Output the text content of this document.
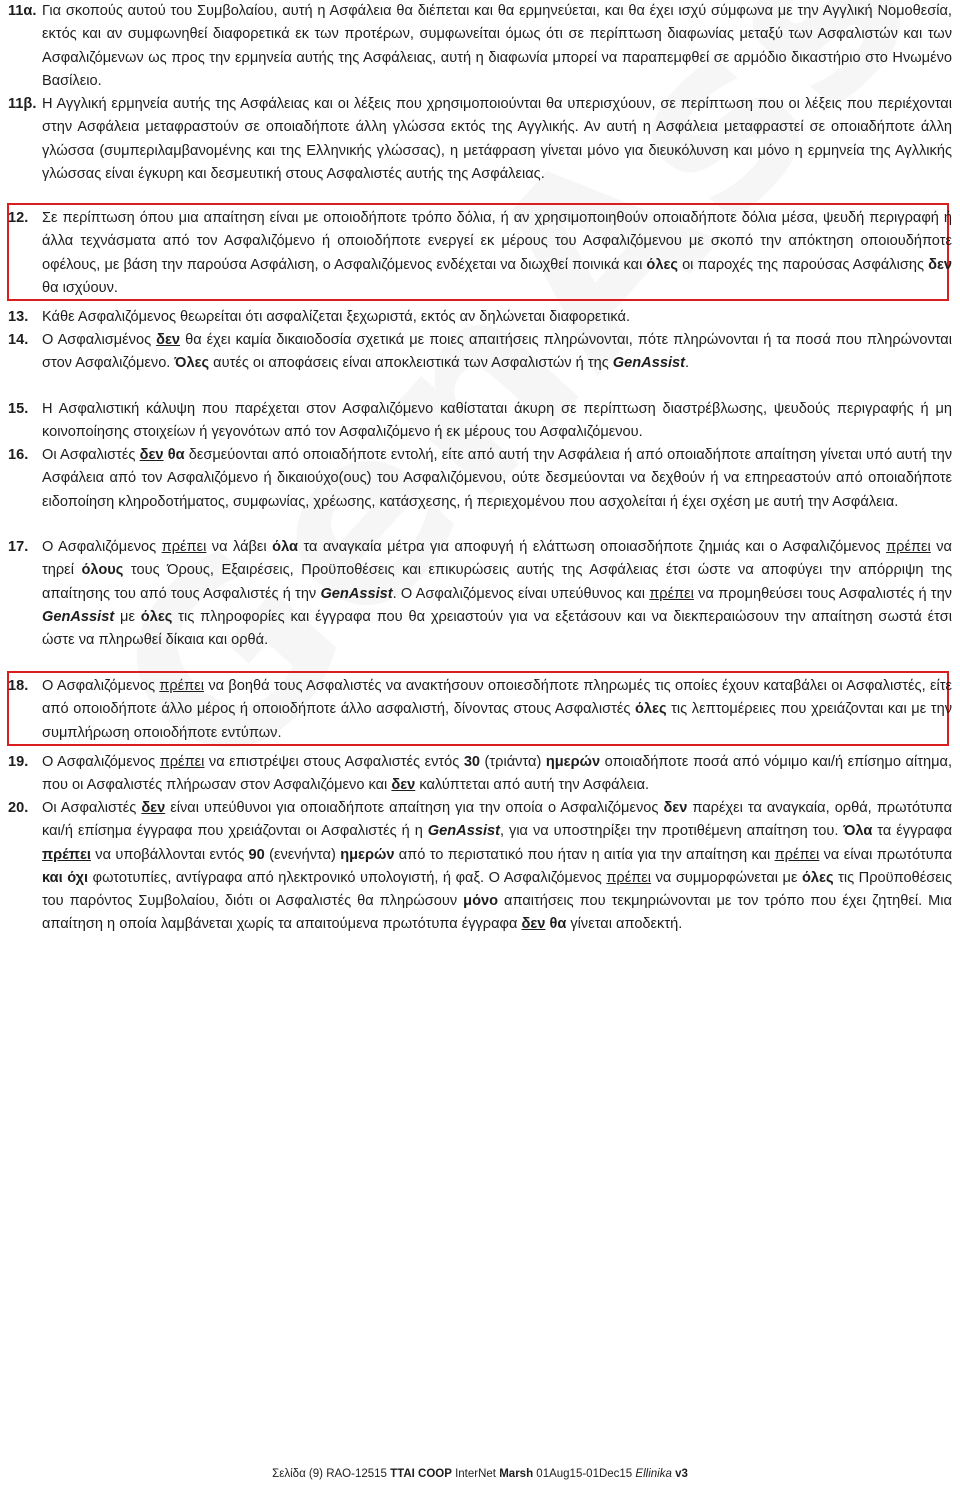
11α. Για σκοπούς αυτού του Συμβολαίου, αυτή η Ασφάλεια θα διέπεται και θα ερμηνεύεται, και θα έχει ισχύ σύμφωνα με την Αγγλική Νομοθεσία, εκτός και αν συμφωνηθεί διαφορετικά εκ των προτέρων, συμφωνείται όμως ότι σε περίπτωση διαφωνίας μεταξύ των Ασφαλιστών και των Ασφαλιζόμενων ως προς την ερμηνεία αυτής της Ασφάλειας, αυτή η διαφωνία μπορεί να παραπεμφθεί σε αρμόδιο δικαστήριο στο Ηνωμένο Βασίλειο.
11β. Η Αγγλική ερμηνεία αυτής της Ασφάλειας και οι λέξεις που χρησιμοποιούνται θα υπερισχύουν, σε περίπτωση που οι λέξεις που περιέχονται στην Ασφάλεια μεταφραστούν σε οποιαδήποτε άλλη γλώσσα εκτός της Αγγλικής. Αν αυτή η Ασφάλεια μεταφραστεί σε οποιαδήποτε άλλη γλώσσα (συμπεριλαμβανομένης και της Ελληνικής γλώσσας), η μετάφραση γίνεται μόνο για διευκόλυνση και μόνο η ερμηνεία της Αγλλικής γλώσσας είναι έγκυρη και δεσμευτική στους Ασφαλιστές αυτής της Ασφάλειας.
12. Σε περίπτωση όπου μια απαίτηση είναι με οποιοδήποτε τρόπο δόλια, ή αν χρησιμοποιηθούν οποιαδήποτε δόλια μέσα, ψευδή περιγραφή ή άλλα τεχνάσματα από τον Ασφαλιζόμενο ή οποιοδήποτε ενεργεί εκ μέρους του Ασφαλιζόμενου με σκοπό την απόκτηση οποιουδήποτε οφέλους, με βάση την παρούσα Ασφάλιση, ο Ασφαλιζόμενος ενδέχεται να διωχθεί ποινικά και όλες οι παροχές της παρούσας Ασφάλισης δεν θα ισχύουν.
13. Κάθε Ασφαλιζόμενος θεωρείται ότι ασφαλίζεται ξεχωριστά, εκτός αν δηλώνεται διαφορετικά.
14. Ο Ασφαλισμένος δεν θα έχει καμία δικαιοδοσία σχετικά με ποιες απαιτήσεις πληρώνονται, πότε πληρώνονται ή τα ποσά που πληρώνονται στον Ασφαλιζόμενο. Όλες αυτές οι αποφάσεις είναι αποκλειστικά των Ασφαλιστών ή της GenAssist.
15. Η Ασφαλιστική κάλυψη που παρέχεται στον Ασφαλιζόμενο καθίσταται άκυρη σε περίπτωση διαστρέβλωσης, ψευδούς περιγραφής ή μη κοινοποίησης στοιχείων ή γεγονότων από τον Ασφαλιζόμενο ή εκ μέρους του Ασφαλιζόμενου.
16. Οι Ασφαλιστές δεν θα δεσμεύονται από οποιαδήποτε εντολή, είτε από αυτή την Ασφάλεια ή από οποιαδήποτε απαίτηση γίνεται υπό αυτή την Ασφάλεια από τον Ασφαλιζόμενο ή δικαιούχο(ους) του Ασφαλιζόμενου, ούτε δεσμεύονται να δεχθούν ή να επηρεαστούν από οποιαδήποτε ειδοποίηση κληροδοτήματος, συμφωνίας, χρέωσης, κατάσχεσης, ή περιεχομένου που ασχολείται ή έχει σχέση με αυτή την Ασφάλεια.
17. Ο Ασφαλιζόμενος πρέπει να λάβει όλα τα αναγκαία μέτρα για αποφυγή ή ελάττωση οποιασδήποτε ζημιάς και ο Ασφαλιζόμενος πρέπει να τηρεί όλους τους Όρους, Εξαιρέσεις, Προϋποθέσεις και επικυρώσεις αυτής της Ασφάλειας έτσι ώστε να αποφύγει την απόρριψη της απαίτησης του από τους Ασφαλιστές ή την GenAssist. Ο Ασφαλιζόμενος είναι υπεύθυνος και πρέπει να προμηθεύσει τους Ασφαλιστές ή την GenAssist με όλες τις πληροφορίες και έγγραφα που θα χρειαστούν για να εξετάσουν και να διεκπεραιώσουν την απαίτηση σωστά έτσι ώστε να πληρωθεί δίκαια και ορθά.
18. Ο Ασφαλιζόμενος πρέπει να βοηθά τους Ασφαλιστές να ανακτήσουν οποιεσδήποτε πληρωμές τις οποίες έχουν καταβάλει οι Ασφαλιστές, είτε από οποιοδήποτε άλλο μέρος ή οποιοδήποτε άλλο ασφαλιστή, δίνοντας στους Ασφαλιστές όλες τις λεπτομέρειες που χρειάζονται και με την συμπλήρωση οποιοδήποτε εντύπων.
19. Ο Ασφαλιζόμενος πρέπει να επιστρέψει στους Ασφαλιστές εντός 30 (τριάντα) ημερών οποιαδήποτε ποσά από νόμιμο και/ή επίσημο αίτημα, που οι Ασφαλιστές πλήρωσαν στον Ασφαλιζόμενο και δεν καλύπτεται από αυτή την Ασφάλεια.
20. Οι Ασφαλιστές δεν είναι υπεύθυνοι για οποιαδήποτε απαίτηση για την οποία ο Ασφαλιζόμενος δεν παρέχει τα αναγκαία, ορθά, πρωτότυπα και/ή επίσημα έγγραφα που χρειάζονται οι Ασφαλιστές ή η GenAssist, για να υποστηρίξει την προτιθέμενη απαίτηση του. Όλα τα έγγραφα πρέπει να υποβάλλονται εντός 90 (ενενήντα) ημερών από το περιστατικό που ήταν η αιτία για την απαίτηση και πρέπει να είναι πρωτότυπα και όχι φωτοτυπίες, αντίγραφα από ηλεκτρονικό υπολογιστή, ή φαξ. Ο Ασφαλιζόμενος πρέπει να συμμορφώνεται με όλες τις Προϋποθέσεις του παρόντος Συμβολαίου, διότι οι Ασφαλιστές θα πληρώσουν μόνο απαιτήσεις που τεκμηριώνονται με τον τρόπο που έχει ζητηθεί. Μια απαίτηση η οποία λαμβάνεται χωρίς τα απαιτούμενα πρωτότυπα έγγραφα δεν θα γίνεται αποδεκτή.
Σελίδα (9) RAO-12515 TTAI COOP InterNet Marsh 01Aug15-01Dec15 Ellinika v3
